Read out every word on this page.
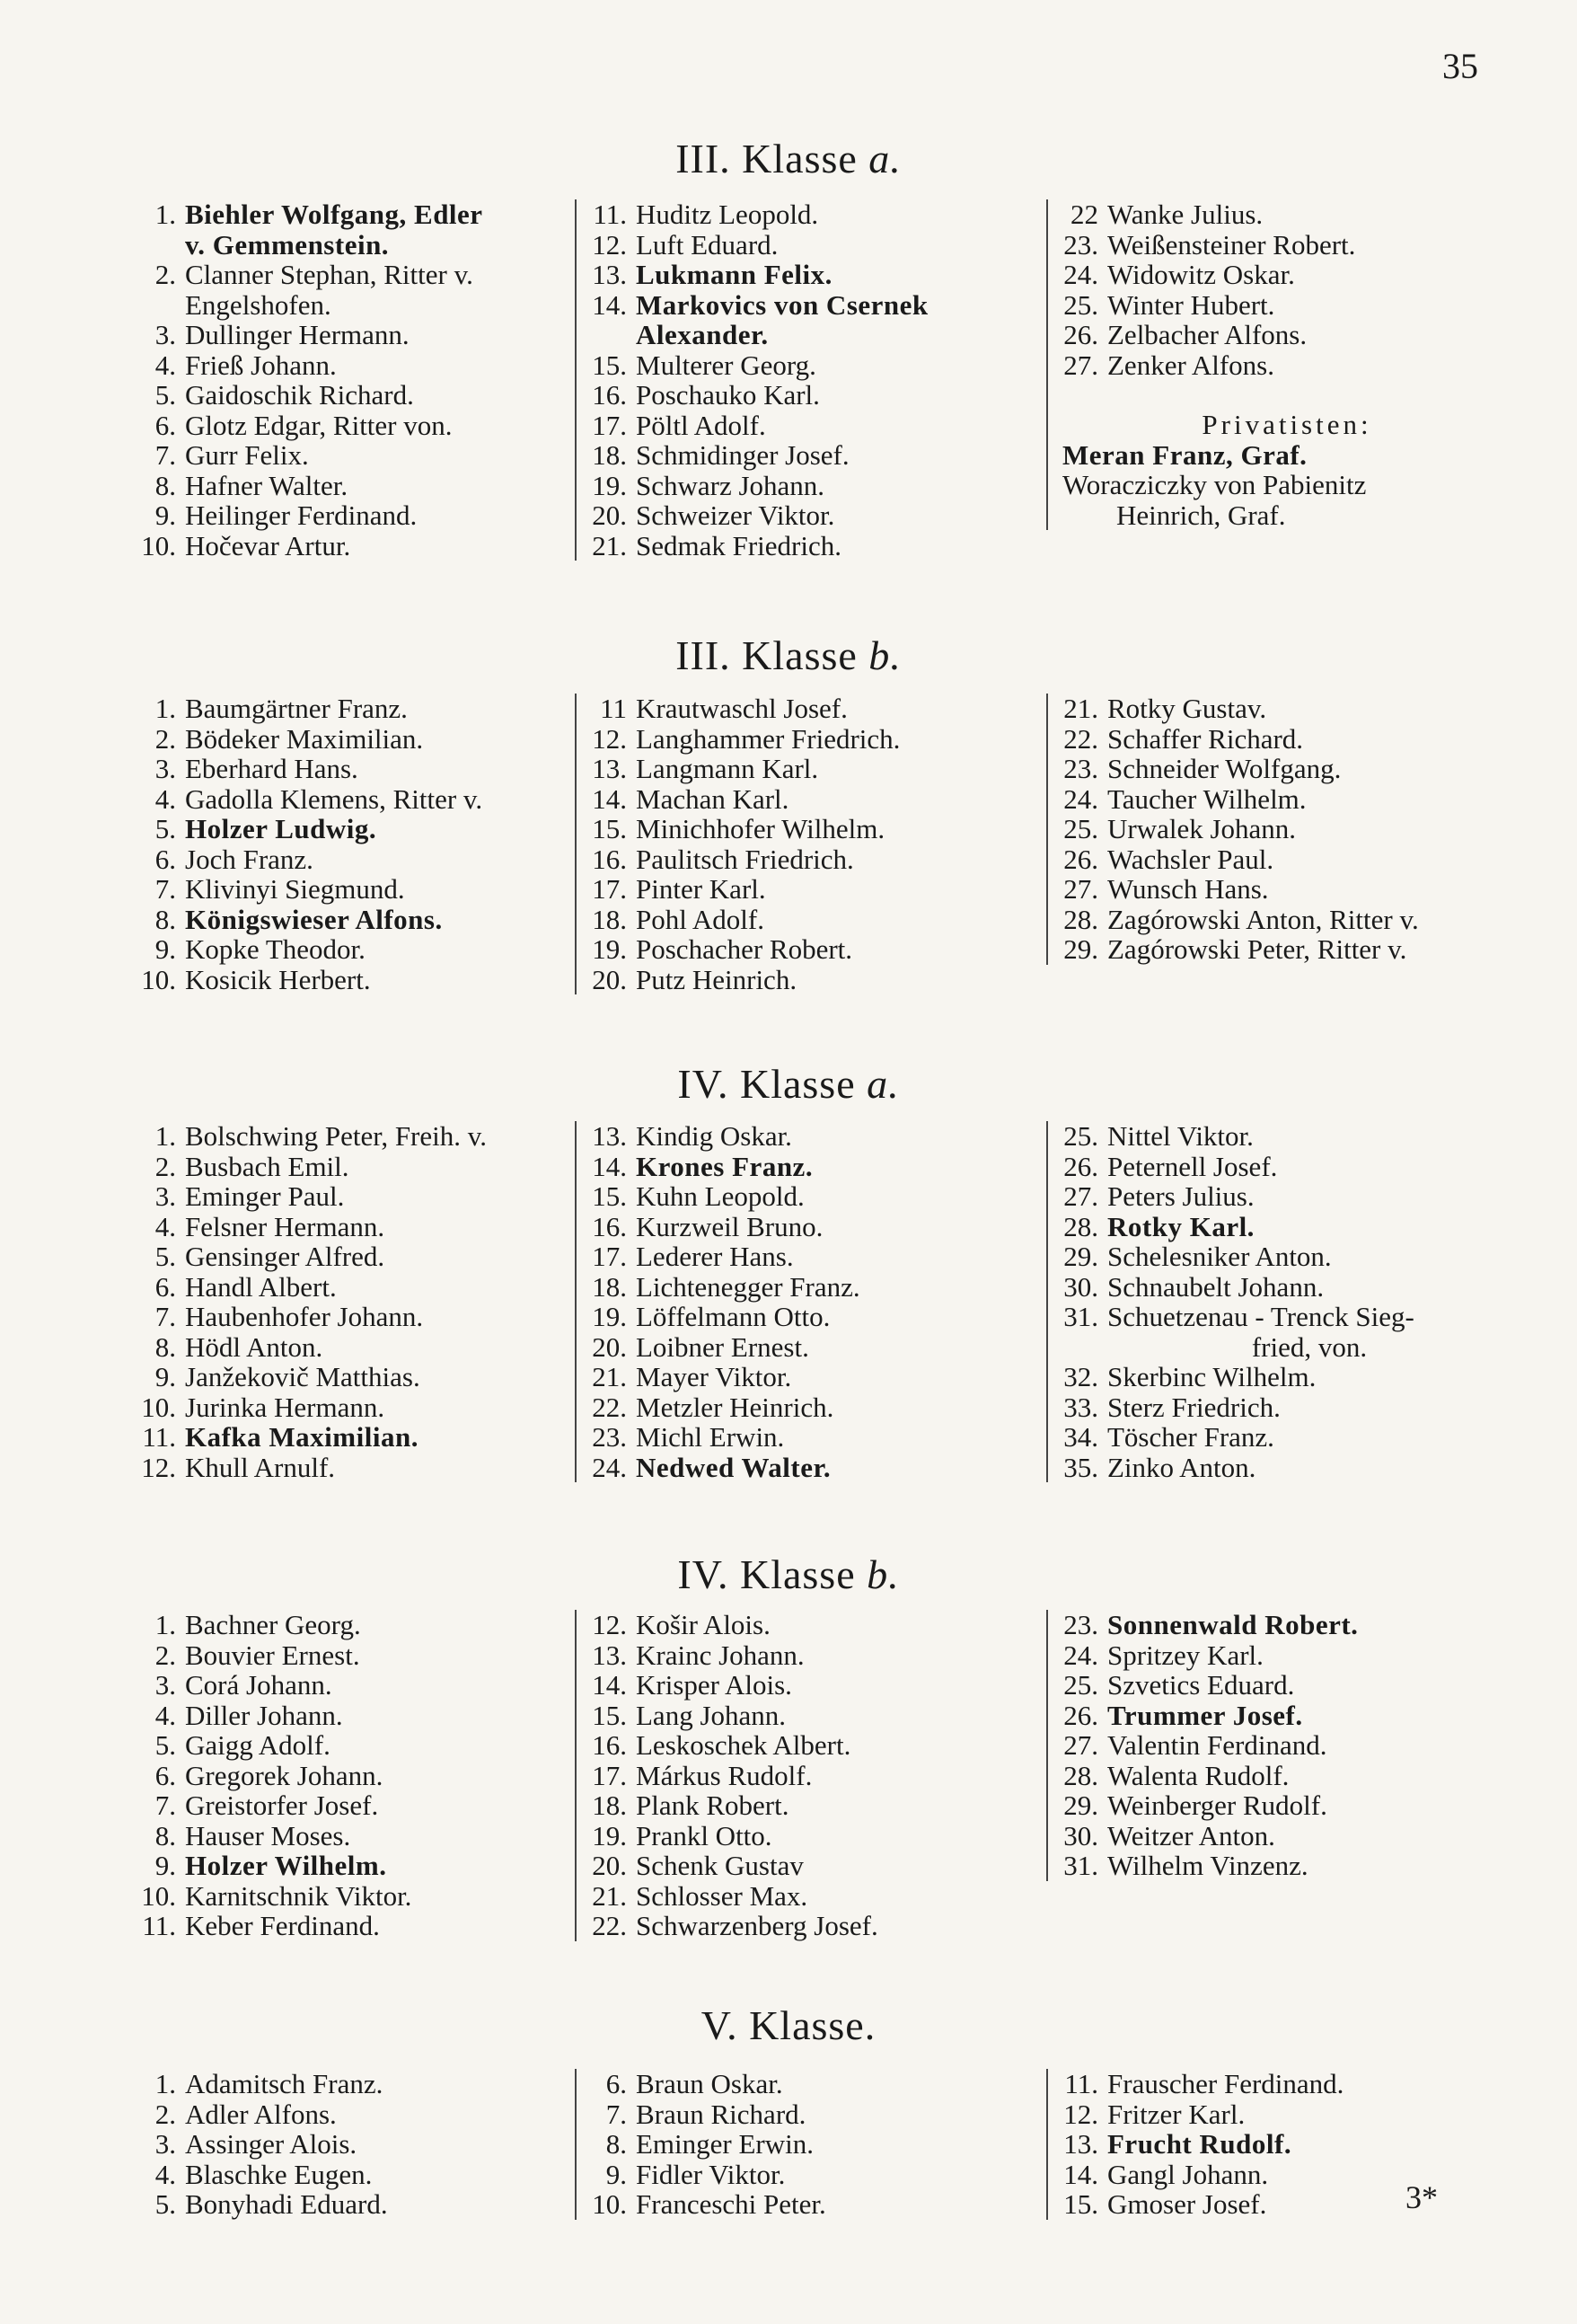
35
III. Klasse a.
1. Biehler Wolfgang, Edler
v. Gemmenstein.
2. Clanner Stephan, Ritter v.
Engelshofen.
3. Dullinger Hermann.
4. Frieß Johann.
5. Gaidoschik Richard.
6. Glotz Edgar, Ritter von.
7. Gurr Felix.
8. Hafner Walter.
9. Heilinger Ferdinand.
10. Hočevar Artur.
11. Huditz Leopold.
12. Luft Eduard.
13. Lukmann Felix.
14. Markovics von Csernek
Alexander.
15. Multerer Georg.
16. Poschauko Karl.
17. Pöltl Adolf.
18. Schmidinger Josef.
19. Schwarz Johann.
20. Schweizer Viktor.
21. Sedmak Friedrich.
22 Wanke Julius.
23. Weißensteiner Robert.
24. Widowitz Oskar.
25. Winter Hubert.
26. Zelbacher Alfons.
27. Zenker Alfons.
Privatisten:
Meran Franz, Graf.
Woracziczky von Pabienitz
Heinrich, Graf.
III. Klasse b.
1. Baumgärtner Franz.
2. Bödeker Maximilian.
3. Eberhard Hans.
4. Gadolla Klemens, Ritter v.
5. Holzer Ludwig.
6. Joch Franz.
7. Klivinyi Siegmund.
8. Königswieser Alfons.
9. Kopke Theodor.
10. Kosicik Herbert.
11 Krautwaschl Josef.
12. Langhammer Friedrich.
13. Langmann Karl.
14. Machan Karl.
15. Minichhofer Wilhelm.
16. Paulitsch Friedrich.
17. Pinter Karl.
18. Pohl Adolf.
19. Poschacher Robert.
20. Putz Heinrich.
21. Rotky Gustav.
22. Schaffer Richard.
23. Schneider Wolfgang.
24. Taucher Wilhelm.
25. Urwalek Johann.
26. Wachsler Paul.
27. Wunsch Hans.
28. Zagórowski Anton, Ritter v.
29. Zagórowski Peter, Ritter v.
IV. Klasse a.
1. Bolschwing Peter, Freih. v.
2. Busbach Emil.
3. Eminger Paul.
4. Felsner Hermann.
5. Gensinger Alfred.
6. Handl Albert.
7. Haubenhofer Johann.
8. Hödl Anton.
9. Janžekovič Matthias.
10. Jurinka Hermann.
11. Kafka Maximilian.
12. Khull Arnulf.
13. Kindig Oskar.
14. Krones Franz.
15. Kuhn Leopold.
16. Kurzweil Bruno.
17. Lederer Hans.
18. Lichtenegger Franz.
19. Löffelmann Otto.
20. Loibner Ernest.
21. Mayer Viktor.
22. Metzler Heinrich.
23. Michl Erwin.
24. Nedwed Walter.
25. Nittel Viktor.
26. Peternell Josef.
27. Peters Julius.
28. Rotky Karl.
29. Schelesniker Anton.
30. Schnaubelt Johann.
31. Schuetzenau - Trenck Sieg-
fried, von.
32. Skerbinc Wilhelm.
33. Sterz Friedrich.
34. Töscher Franz.
35. Zinko Anton.
IV. Klasse b.
1. Bachner Georg.
2. Bouvier Ernest.
3. Corá Johann.
4. Diller Johann.
5. Gaigg Adolf.
6. Gregorek Johann.
7. Greistorfer Josef.
8. Hauser Moses.
9. Holzer Wilhelm.
10. Karnitschnik Viktor.
11. Keber Ferdinand.
12. Košir Alois.
13. Krainc Johann.
14. Krisper Alois.
15. Lang Johann.
16. Leskoschek Albert.
17. Márkus Rudolf.
18. Plank Robert.
19. Prankl Otto.
20. Schenk Gustav
21. Schlosser Max.
22. Schwarzenberg Josef.
23. Sonnenwald Robert.
24. Spritzey Karl.
25. Szvetics Eduard.
26. Trummer Josef.
27. Valentin Ferdinand.
28. Walenta Rudolf.
29. Weinberger Rudolf.
30. Weitzer Anton.
31. Wilhelm Vinzenz.
V. Klasse.
1. Adamitsch Franz.
2. Adler Alfons.
3. Assinger Alois.
4. Blaschke Eugen.
5. Bonyhadi Eduard.
6. Braun Oskar.
7. Braun Richard.
8. Eminger Erwin.
9. Fidler Viktor.
10. Franceschi Peter.
11. Frauscher Ferdinand.
12. Fritzer Karl.
13. Frucht Rudolf.
14. Gangl Johann.
15. Gmoser Josef.	3*
